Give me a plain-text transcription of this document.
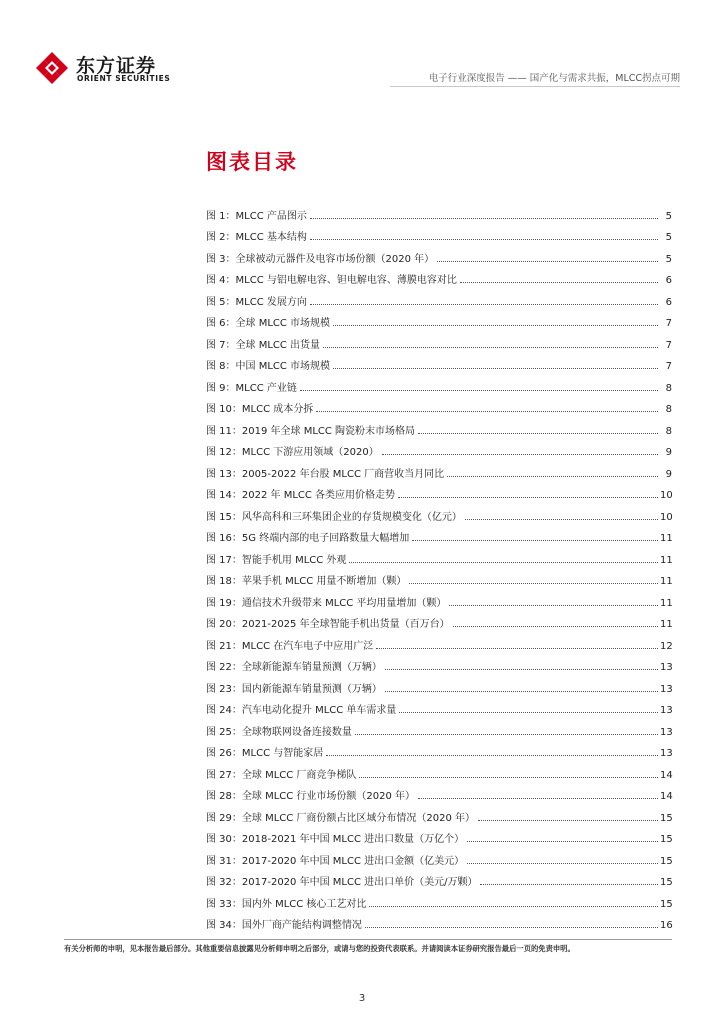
东方证券
ORIENT SECURITIES	电子行业深度报告 —— 国产化与需求共振，MLCC拐点可期
图表目录
图 1：MLCC 产品图示	5
图 2：MLCC 基本结构	5
图 3：全球被动元器件及电容市场份额（2020 年）	5
图 4：MLCC 与铝电解电容、钽电解电容、薄膜电容对比	6
图 5：MLCC 发展方向	6
图 6：全球 MLCC 市场规模	7
图 7：全球 MLCC 出货量	7
图 8：中国 MLCC 市场规模	7
图 9：MLCC 产业链	8
图 10：MLCC 成本分拆	8
图 11：2019 年全球 MLCC 陶瓷粉末市场格局	8
图 12：MLCC 下游应用领域（2020）	9
图 13：2005-2022 年台股 MLCC 厂商营收当月同比	9
图 14：2022 年 MLCC 各类应用价格走势	10
图 15：风华高科和三环集团企业的存货规模变化（亿元）	10
图 16：5G 终端内部的电子回路数量大幅增加	11
图 17：智能手机用 MLCC 外观	11
图 18：苹果手机 MLCC 用量不断增加（颗）	11
图 19：通信技术升级带来 MLCC 平均用量增加（颗）	11
图 20：2021-2025 年全球智能手机出货量（百万台）	11
图 21：MLCC 在汽车电子中应用广泛	12
图 22：全球新能源车销量预测（万辆）	13
图 23：国内新能源车销量预测（万辆）	13
图 24：汽车电动化提升 MLCC 单车需求量	13
图 25：全球物联网设备连接数量	13
图 26：MLCC 与智能家居	13
图 27：全球 MLCC 厂商竞争梯队	14
图 28：全球 MLCC 行业市场份额（2020 年）	14
图 29：全球 MLCC 厂商份额占比区域分布情况（2020 年）	15
图 30：2018-2021 年中国 MLCC 进出口数量（万亿个）	15
图 31：2017-2020 年中国 MLCC 进出口金额（亿美元）	15
图 32：2017-2020 年中国 MLCC 进出口单价（美元/万颗）	15
图 33：国内外 MLCC 核心工艺对比	15
图 34：国外厂商产能结构调整情况	16
有关分析师的申明，见本报告最后部分。其他重要信息披露见分析师申明之后部分，或请与您的投资代表联系。并请阅读本证券研究报告最后一页的免责申明。
3
